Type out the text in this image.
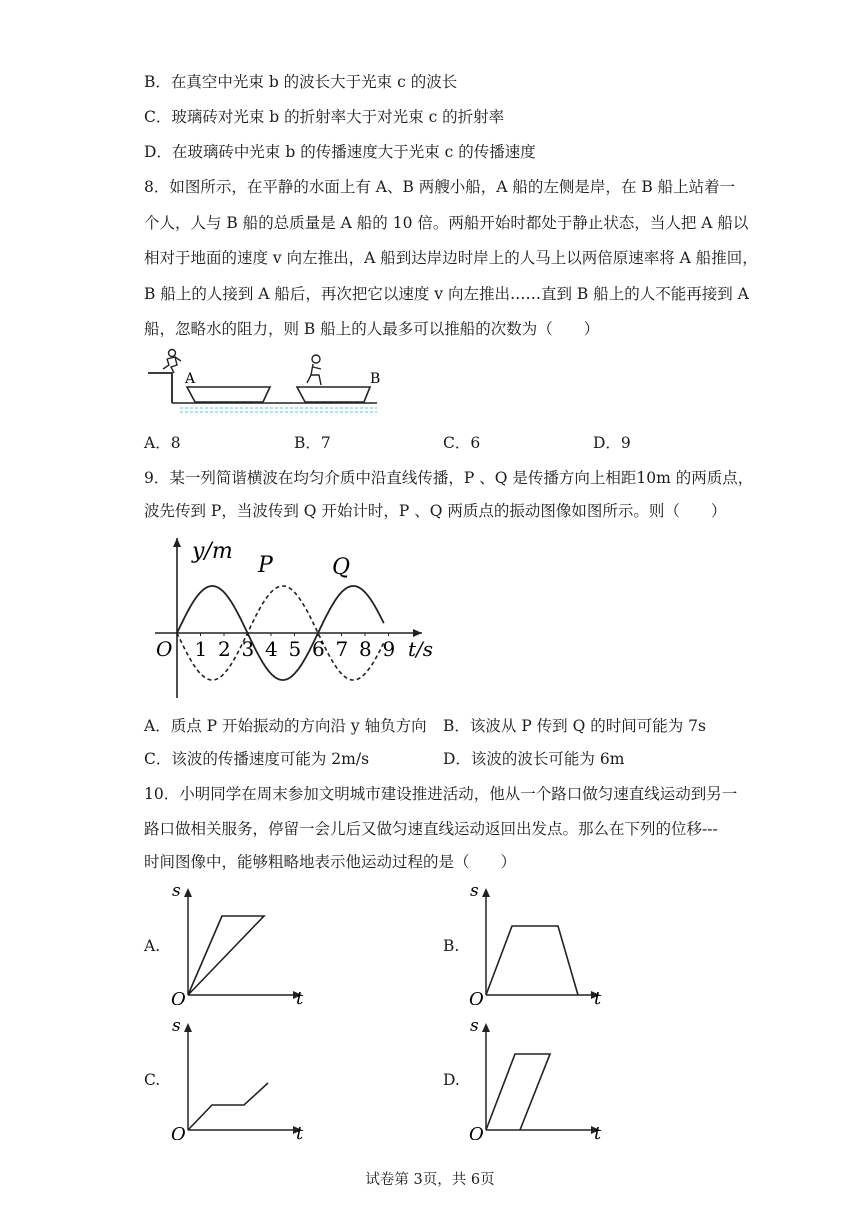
B．在真空中光束 b 的波长大于光束 c 的波长
C．玻璃砖对光束 b 的折射率大于对光束 c 的折射率
D．在玻璃砖中光束 b 的传播速度大于光束 c 的传播速度
8．如图所示，在平静的水面上有 A、B 两艘小船，A 船的左侧是岸，在 B 船上站着一
个人，人与 B 船的总质量是 A 船的 10 倍。两船开始时都处于静止状态，当人把 A 船以
相对于地面的速度 v 向左推出，A 船到达岸边时岸上的人马上以两倍原速率将 A 船推回，
B 船上的人接到 A 船后，再次把它以速度 v 向左推出……直到 B 船上的人不能再接到 A
船，忽略水的阻力，则 B 船上的人最多可以推船的次数为（　　）
A	B
A．8	B．7	C．6	D．9
9．某一列简谐横波在均匀介质中沿直线传播，P 、Q 是传播方向上相距10m 的两质点，
波先传到 P，当波传到 Q 开始计时，P 、Q 两质点的振动图像如图所示。则（　　）
y/m
O	t/s
P	Q
1 2 3 4 5 6 7 8 9
A．质点 P 开始振动的方向沿 y 轴负方向 B．该波从 P 传到 Q 的时间可能为 7s
C．该波的传播速度可能为 2m/s	D．该波的波长可能为 6m
10．小明同学在周末参加文明城市建设推进活动，他从一个路口做匀速直线运动到另一
路口做相关服务，停留一会儿后又做匀速直线运动返回出发点。那么在下列的位移---
时间图像中，能够粗略地表示他运动过程的是（　　）
A.
s
t
O
B.
s
t
O
C.
s
t
O
D.
s
t
O
试卷第 3页，共 6页
